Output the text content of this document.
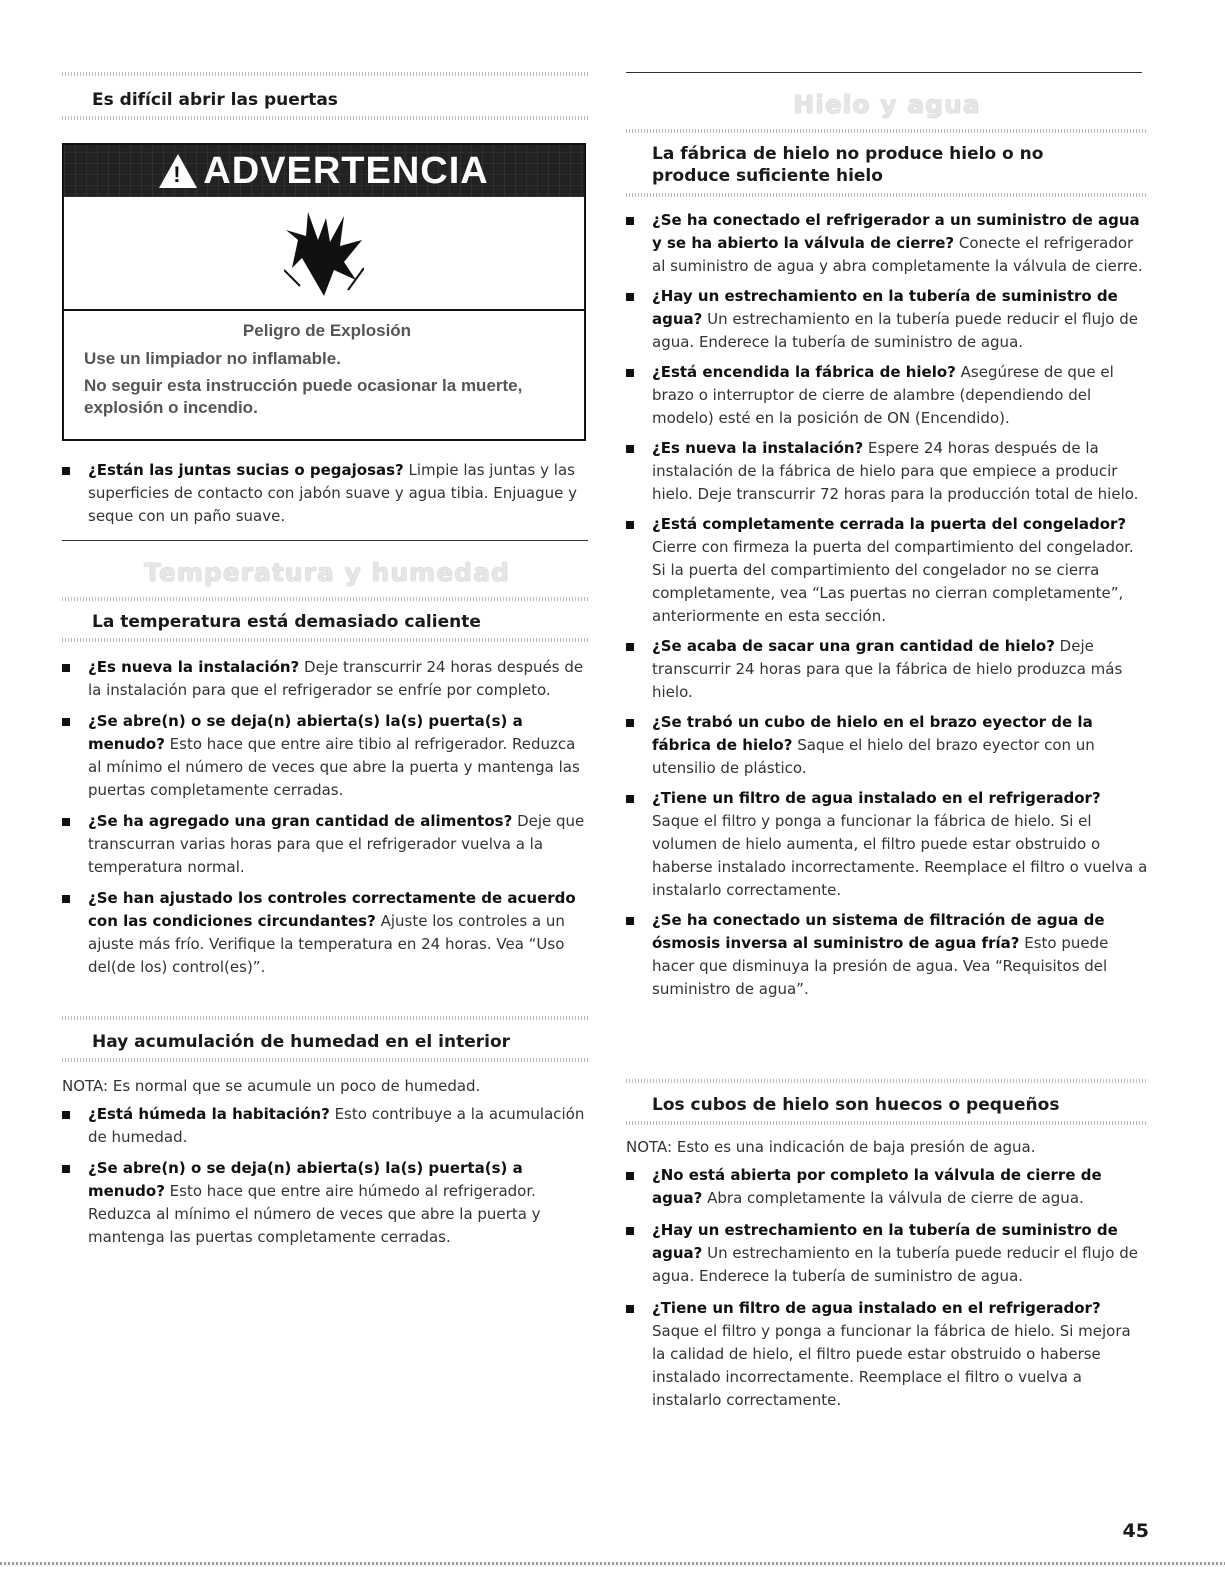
Es difícil abrir las puertas
! ADVERTENCIA
Peligro de Explosión
Use un limpiador no inflamable.
No seguir esta instrucción puede ocasionar la muerte, explosión o incendio.
¿Están las juntas sucias o pegajosas? Limpie las juntas y las superficies de contacto con jabón suave y agua tibia. Enjuague y seque con un paño suave.
Temperatura y humedad
La temperatura está demasiado caliente
¿Es nueva la instalación? Deje transcurrir 24 horas después de la instalación para que el refrigerador se enfríe por completo.
¿Se abre(n) o se deja(n) abierta(s) la(s) puerta(s) a menudo? Esto hace que entre aire tibio al refrigerador. Reduzca al mínimo el número de veces que abre la puerta y mantenga las puertas completamente cerradas.
¿Se ha agregado una gran cantidad de alimentos? Deje que transcurran varias horas para que el refrigerador vuelva a la temperatura normal.
¿Se han ajustado los controles correctamente de acuerdo con las condiciones circundantes? Ajuste los controles a un ajuste más frío. Verifique la temperatura en 24 horas. Vea “Uso del(de los) control(es)”.
Hay acumulación de humedad en el interior
NOTA: Es normal que se acumule un poco de humedad.
¿Está húmeda la habitación? Esto contribuye a la acumulación de humedad.
¿Se abre(n) o se deja(n) abierta(s) la(s) puerta(s) a menudo? Esto hace que entre aire húmedo al refrigerador. Reduzca al mínimo el número de veces que abre la puerta y mantenga las puertas completamente cerradas.
Hielo y agua
La fábrica de hielo no produce hielo o no produce suficiente hielo
¿Se ha conectado el refrigerador a un suministro de agua y se ha abierto la válvula de cierre? Conecte el refrigerador al suministro de agua y abra completamente la válvula de cierre.
¿Hay un estrechamiento en la tubería de suministro de agua? Un estrechamiento en la tubería puede reducir el flujo de agua. Enderece la tubería de suministro de agua.
¿Está encendida la fábrica de hielo? Asegúrese de que el brazo o interruptor de cierre de alambre (dependiendo del modelo) esté en la posición de ON (Encendido).
¿Es nueva la instalación? Espere 24 horas después de la instalación de la fábrica de hielo para que empiece a producir hielo. Deje transcurrir 72 horas para la producción total de hielo.
¿Está completamente cerrada la puerta del congelador? Cierre con firmeza la puerta del compartimiento del congelador. Si la puerta del compartimiento del congelador no se cierra completamente, vea “Las puertas no cierran completamente”, anteriormente en esta sección.
¿Se acaba de sacar una gran cantidad de hielo? Deje transcurrir 24 horas para que la fábrica de hielo produzca más hielo.
¿Se trabó un cubo de hielo en el brazo eyector de la fábrica de hielo? Saque el hielo del brazo eyector con un utensilio de plástico.
¿Tiene un filtro de agua instalado en el refrigerador? Saque el filtro y ponga a funcionar la fábrica de hielo. Si el volumen de hielo aumenta, el filtro puede estar obstruido o haberse instalado incorrectamente. Reemplace el filtro o vuelva a instalarlo correctamente.
¿Se ha conectado un sistema de filtración de agua de ósmosis inversa al suministro de agua fría? Esto puede hacer que disminuya la presión de agua. Vea “Requisitos del suministro de agua”.
Los cubos de hielo son huecos o pequeños
NOTA: Esto es una indicación de baja presión de agua.
¿No está abierta por completo la válvula de cierre de agua? Abra completamente la válvula de cierre de agua.
¿Hay un estrechamiento en la tubería de suministro de agua? Un estrechamiento en la tubería puede reducir el flujo de agua. Enderece la tubería de suministro de agua.
¿Tiene un filtro de agua instalado en el refrigerador? Saque el filtro y ponga a funcionar la fábrica de hielo. Si mejora la calidad de hielo, el filtro puede estar obstruido o haberse instalado incorrectamente. Reemplace el filtro o vuelva a instalarlo correctamente.
45
